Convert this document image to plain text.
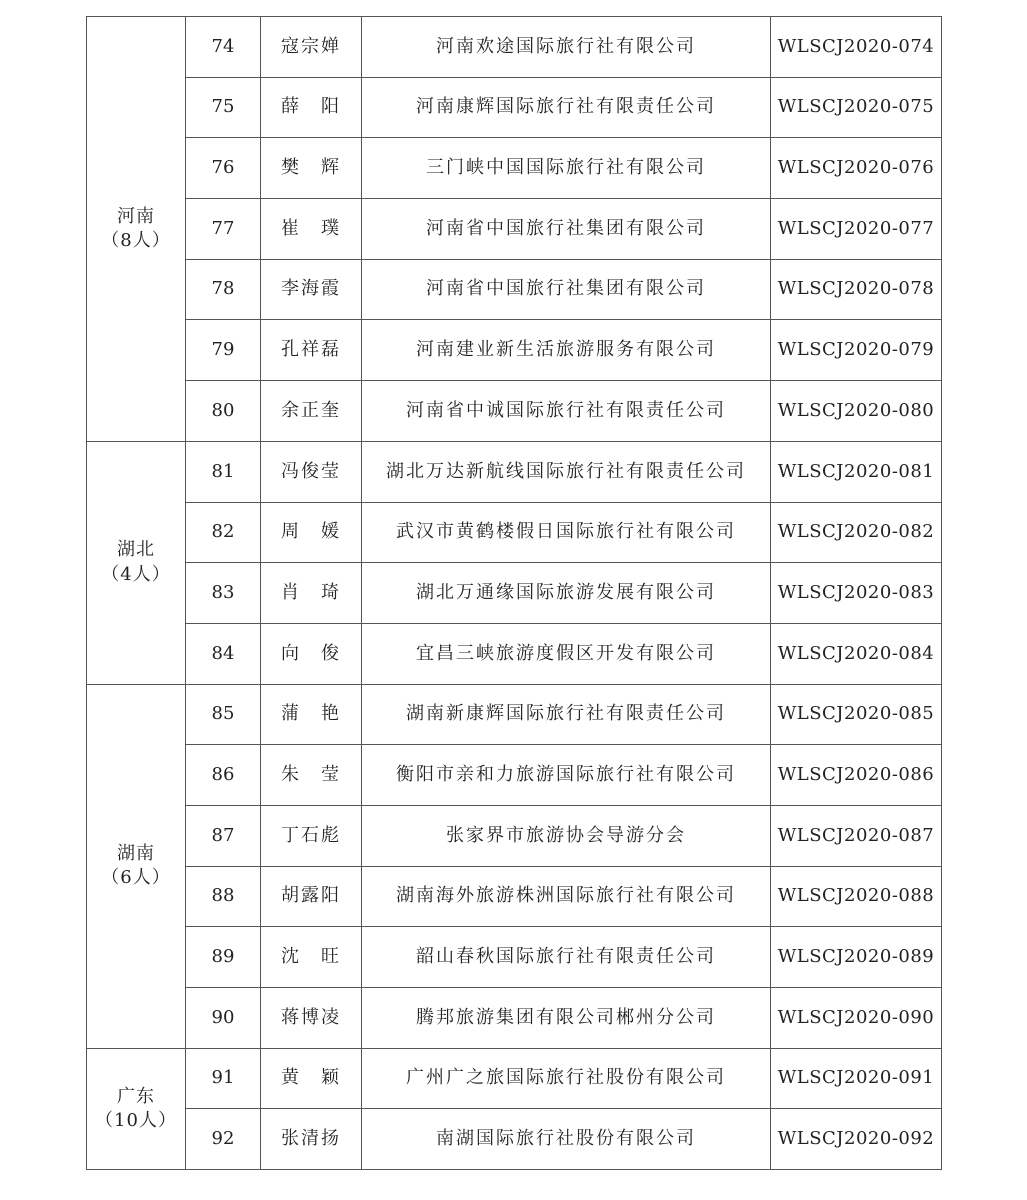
河南
（8人）	74	寇宗婵	河南欢途国际旅行社有限公司	WLSCJ2020-074
	75	薛　阳	河南康辉国际旅行社有限责任公司	WLSCJ2020-075
	76	樊　辉	三门峡中国国际旅行社有限公司	WLSCJ2020-076
	77	崔　璞	河南省中国旅行社集团有限公司	WLSCJ2020-077
	78	李海霞	河南省中国旅行社集团有限公司	WLSCJ2020-078
	79	孔祥磊	河南建业新生活旅游服务有限公司	WLSCJ2020-079
	80	余正奎	河南省中诚国际旅行社有限责任公司	WLSCJ2020-080

湖北
（4人）	81	冯俊莹	湖北万达新航线国际旅行社有限责任公司	WLSCJ2020-081
	82	周　媛	武汉市黄鹤楼假日国际旅行社有限公司	WLSCJ2020-082
	83	肖　琦	湖北万通缘国际旅游发展有限公司	WLSCJ2020-083
	84	向　俊	宜昌三峡旅游度假区开发有限公司	WLSCJ2020-084

湖南
（6人）	85	蒲　艳	湖南新康辉国际旅行社有限责任公司	WLSCJ2020-085
	86	朱　莹	衡阳市亲和力旅游国际旅行社有限公司	WLSCJ2020-086
	87	丁石彪	张家界市旅游协会导游分会	WLSCJ2020-087
	88	胡露阳	湖南海外旅游株洲国际旅行社有限公司	WLSCJ2020-088
	89	沈　旺	韶山春秋国际旅行社有限责任公司	WLSCJ2020-089
	90	蒋博凌	腾邦旅游集团有限公司郴州分公司	WLSCJ2020-090

广东
（10人）	91	黄　颖	广州广之旅国际旅行社股份有限公司	WLSCJ2020-091
	92	张清扬	南湖国际旅行社股份有限公司	WLSCJ2020-092
